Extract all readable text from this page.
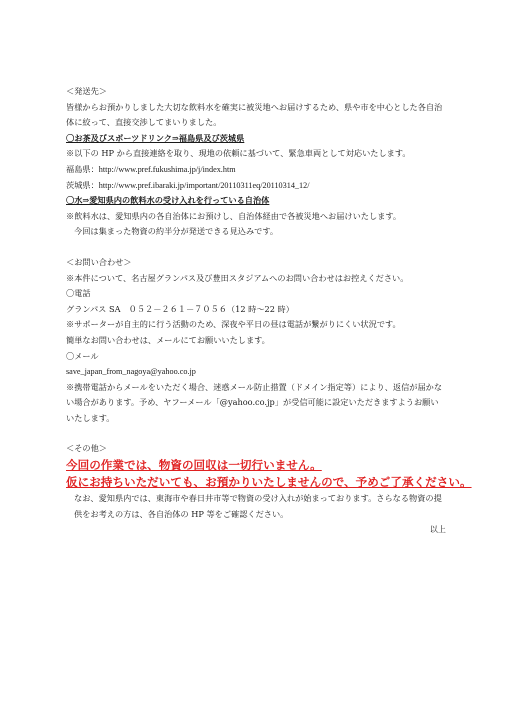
＜発送先＞
皆様からお預かりしました大切な飲料水を確実に被災地へお届けするため、県や市を中心とした各自治体に絞って、直接交渉してまいりました。
〇お茶及びスポーツドリンク⇒福島県及び茨城県
※以下の HP から直接連絡を取り、現地の依頼に基づいて、緊急車両として対応いたします。
福島県：http://www.pref.fukushima.jp/j/index.htm
茨城県：http://www.pref.ibaraki.jp/important/20110311eq/20110314_12/
〇水⇒愛知県内の飲料水の受け入れを行っている自治体
※飲料水は、愛知県内の各自治体にお預けし、自治体経由で各被災地へお届けいたします。
今回は集まった物資の約半分が発送できる見込みです。
＜お問い合わせ＞
※本件について、名古屋グランパス及び豊田スタジアムへのお問い合わせはお控えください。
〇電話
グランパス SA　０５２－２６１－７０５６（12 時～22 時）
※サポーターが自主的に行う活動のため、深夜や平日の昼は電話が繋がりにくい状況です。
簡単なお問い合わせは、メールにてお願いいたします。
〇メール
save_japan_from_nagoya@yahoo.co.jp
※携帯電話からメールをいただく場合、迷惑メール防止措置（ドメイン指定等）により、返信が届かない場合があります。予め、ヤフーメール「@yahoo.co.jp」が受信可能に設定いただきますようお願いいたします。
＜その他＞
今回の作業では、物資の回収は一切行いません。
仮にお持ちいただいても、お預かりいたしませんので、予めご了承ください。
なお、愛知県内では、東海市や春日井市等で物資の受け入れが始まっております。さらなる物資の提供をお考えの方は、各自治体の HP 等をご確認ください。
以上
